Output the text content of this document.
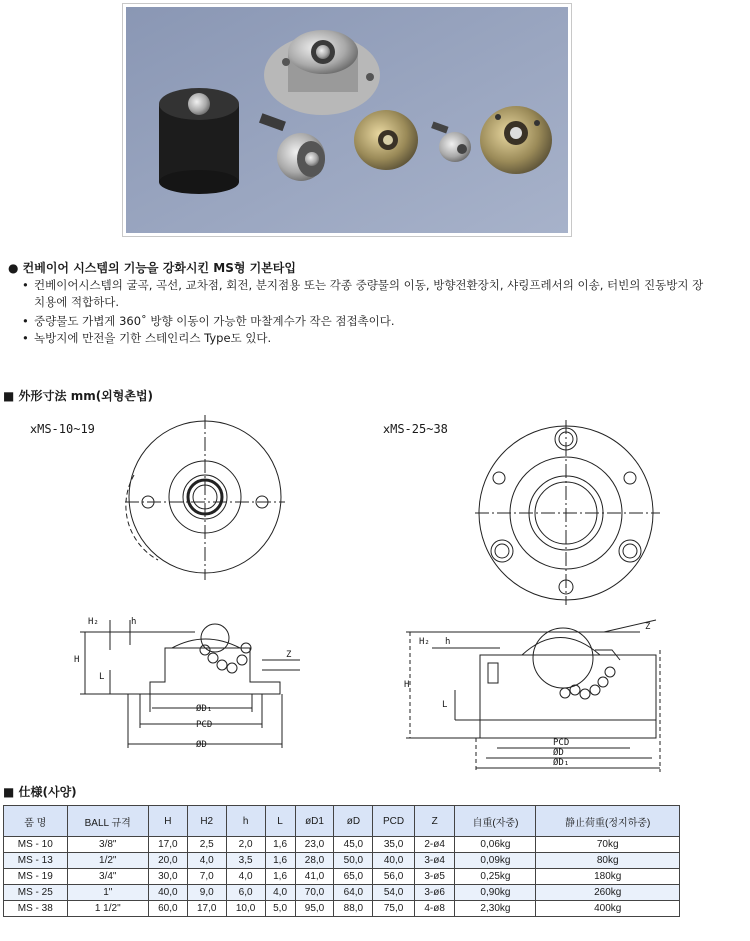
● 컨베이어 시스템의 기능을 강화시킨 MS형 기본타입
• 컨베이어시스템의 굴곡, 곡선, 교차점, 회전, 분지점용 또는 각종 중량물의 이동, 방향전환장치, 샤링프레서의 이송, 터빈의 진동방지 장치용에 적합하다.
• 중량물도 가볍게 360˚ 방향 이동이 가능한 마찰계수가 작은 점접촉이다.
• 녹방지에 만전을 기한 스테인리스 Type도 있다.
■ 外形寸法 mm(외형촌법)
ⅹMS-10~19	ⅹMS-25~38
H₂	h
H
L
Z
ØD₁
PCD
ØD
H₂ h
H
L
Z
PCD
ØD
ØD₁
■ 仕様(사양)
품 명	BALL 규격	H	H2	h	L	øD1	øD	PCD	Z	自重(자중)	静止荷重(정지하중)
MS - 10	3/8"	17,0	2,5	2,0	1,6	23,0	45,0	35,0	2-ø4	0,06kg	70kg
MS - 13	1/2"	20,0	4,0	3,5	1,6	28,0	50,0	40,0	3-ø4	0,09kg	80kg
MS - 19	3/4"	30,0	7,0	4,0	1,6	41,0	65,0	56,0	3-ø5	0,25kg	180kg
MS - 25	1"	40,0	9,0	6,0	4,0	70,0	64,0	54,0	3-ø6	0,90kg	260kg
MS - 38	1 1/2"	60,0	17,0	10,0	5,0	95,0	88,0	75,0	4-ø8	2,30kg	400kg
